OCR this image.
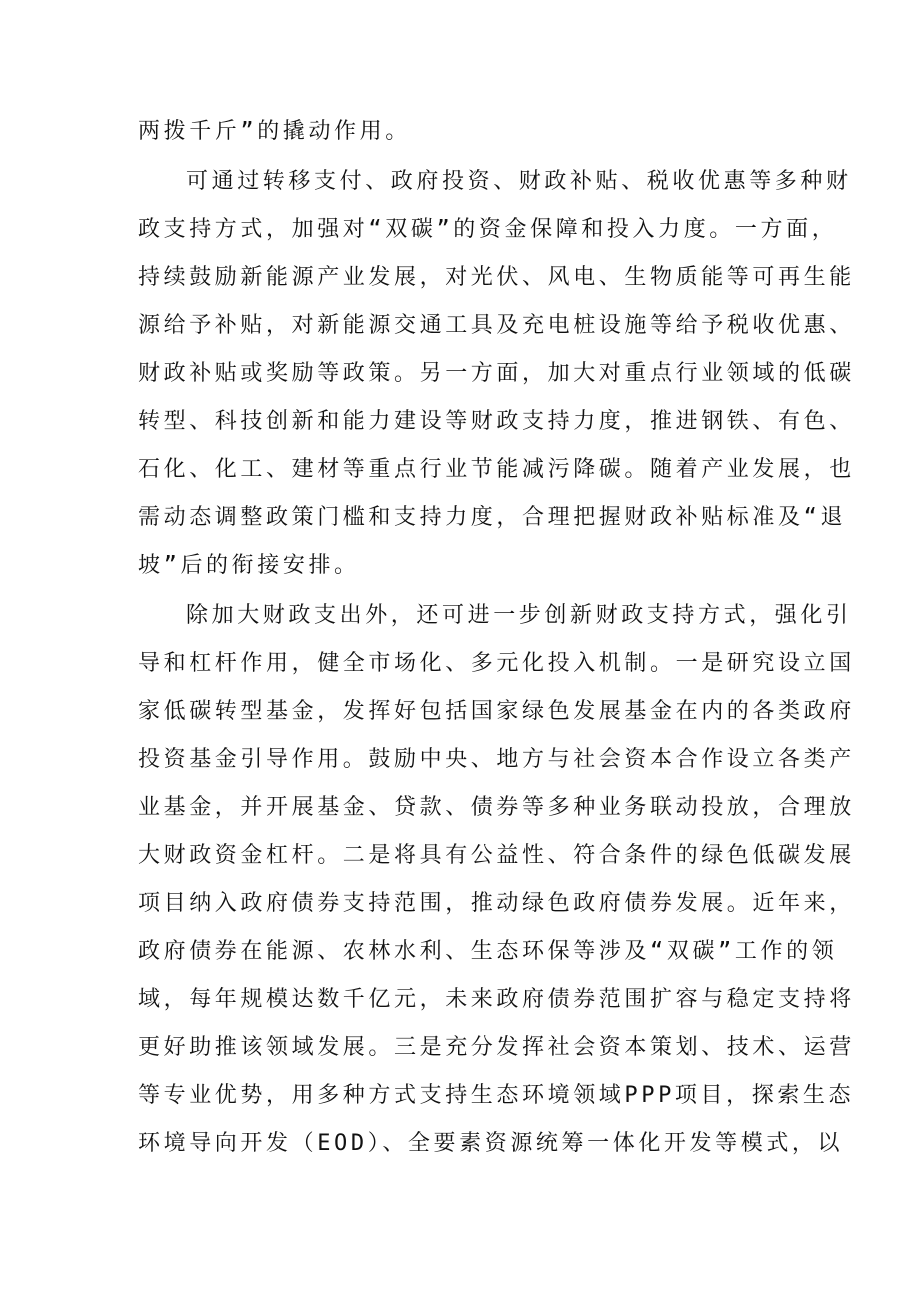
两拨千斤”的撬动作用。
可通过转移支付、政府投资、财政补贴、税收优惠等多种财
政支持方式，加强对“双碳”的资金保障和投入力度。一方面，
持续鼓励新能源产业发展，对光伏、风电、生物质能等可再生能
源给予补贴，对新能源交通工具及充电桩设施等给予税收优惠、
财政补贴或奖励等政策。另一方面，加大对重点行业领域的低碳
转型、科技创新和能力建设等财政支持力度，推进钢铁、有色、
石化、化工、建材等重点行业节能减污降碳。随着产业发展，也
需动态调整政策门槛和支持力度，合理把握财政补贴标准及“退
坡”后的衔接安排。
除加大财政支出外，还可进一步创新财政支持方式，强化引
导和杠杆作用，健全市场化、多元化投入机制。一是研究设立国
家低碳转型基金，发挥好包括国家绿色发展基金在内的各类政府
投资基金引导作用。鼓励中央、地方与社会资本合作设立各类产
业基金，并开展基金、贷款、债券等多种业务联动投放，合理放
大财政资金杠杆。二是将具有公益性、符合条件的绿色低碳发展
项目纳入政府债券支持范围，推动绿色政府债券发展。近年来，
政府债券在能源、农林水利、生态环保等涉及“双碳”工作的领
域，每年规模达数千亿元，未来政府债券范围扩容与稳定支持将
更好助推该领域发展。三是充分发挥社会资本策划、技术、运营
等专业优势，用多种方式支持生态环境领域PPP项目，探索生态
环境导向开发（EOD）、全要素资源统筹一体化开发等模式，以
